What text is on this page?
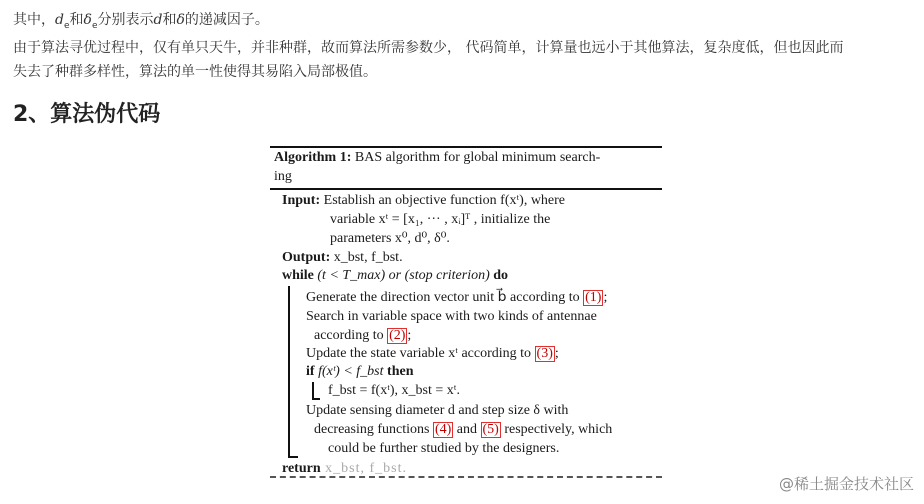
其中，$d_e$和$\delta_e$分别表示d和δ的递减因子。
由于算法寻优过程中，仅有单只天牛，并非种群，故而算法所需参数少， 代码简单，计算量也远小于其他算法，复杂度低，但也因此而
失去了种群多样性，算法的单一性使得其易陷入局部极值。
2、算法伪代码
Algorithm 1: BAS algorithm for global minimum search-
ing
Input: Establish an objective function f(xᵗ), where
variable xᵗ = [x₁, ··· , xᵢ]ᵀ , initialize the
parameters x⁰, d⁰, δ⁰.
Output: x_bst, f_bst.
while (t < T_max) or (stop criterion) do
Generate the direction vector unit b⃗ according to (1) ;
Search in variable space with two kinds of antennae
according to (2) ;
Update the state variable xᵗ according to (3) ;
if f(xᵗ) < f_bst then
f_bst = f(xᵗ), x_bst = xᵗ.
Update sensing diameter d and step size δ with
decreasing functions (4) and (5) respectively, which
could be further studied by the designers.
return x_bst, f_bst.
@稀土掘金技术社区
